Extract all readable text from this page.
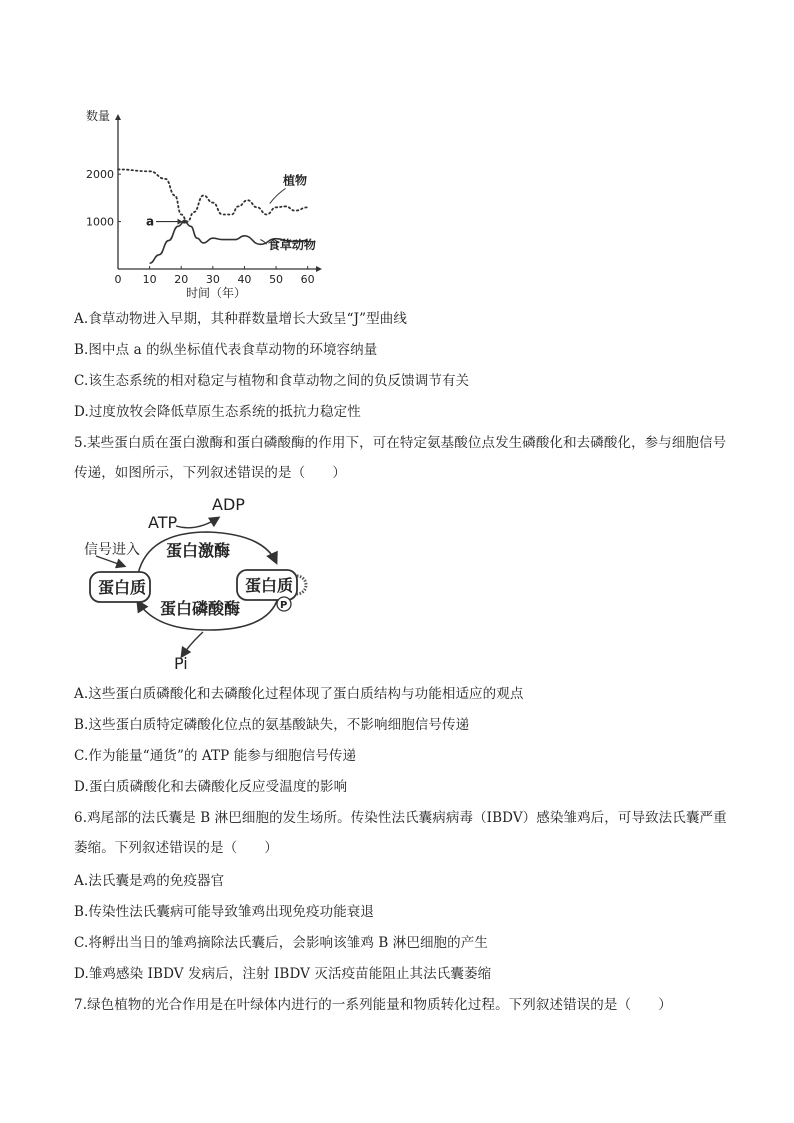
数量
0 10 20 30 40 50 60
1000
2000
时间（年）
植物
食草动物
a
A.食草动物进入早期，其种群数量增长大致呈“J”型曲线
B.图中点 a 的纵坐标值代表食草动物的环境容纳量
C.该生态系统的相对稳定与植物和食草动物之间的负反馈调节有关
D.过度放牧会降低草原生态系统的抵抗力稳定性
5.某些蛋白质在蛋白激酶和蛋白磷酸酶的作用下，可在特定氨基酸位点发生磷酸化和去磷酸化，参与细胞信号传递，如图所示，下列叙述错误的是（　　）
ATP
ADP
信号进入 蛋白激酶
蛋白磷酸酶
蛋白质	蛋白质
P
Pi
A.这些蛋白质磷酸化和去磷酸化过程体现了蛋白质结构与功能相适应的观点
B.这些蛋白质特定磷酸化位点的氨基酸缺失，不影响细胞信号传递
C.作为能量“通货”的 ATP 能参与细胞信号传递
D.蛋白质磷酸化和去磷酸化反应受温度的影响
6.鸡尾部的法氏囊是 B 淋巴细胞的发生场所。传染性法氏囊病病毒（IBDV）感染雏鸡后，可导致法氏囊严重萎缩。下列叙述错误的是（　　）
A.法氏囊是鸡的免疫器官
B.传染性法氏囊病可能导致雏鸡出现免疫功能衰退
C.将孵出当日的雏鸡摘除法氏囊后，会影响该雏鸡 B 淋巴细胞的产生
D.雏鸡感染 IBDV 发病后，注射 IBDV 灭活疫苗能阻止其法氏囊萎缩
7.绿色植物的光合作用是在叶绿体内进行的一系列能量和物质转化过程。下列叙述错误的是（　　）
